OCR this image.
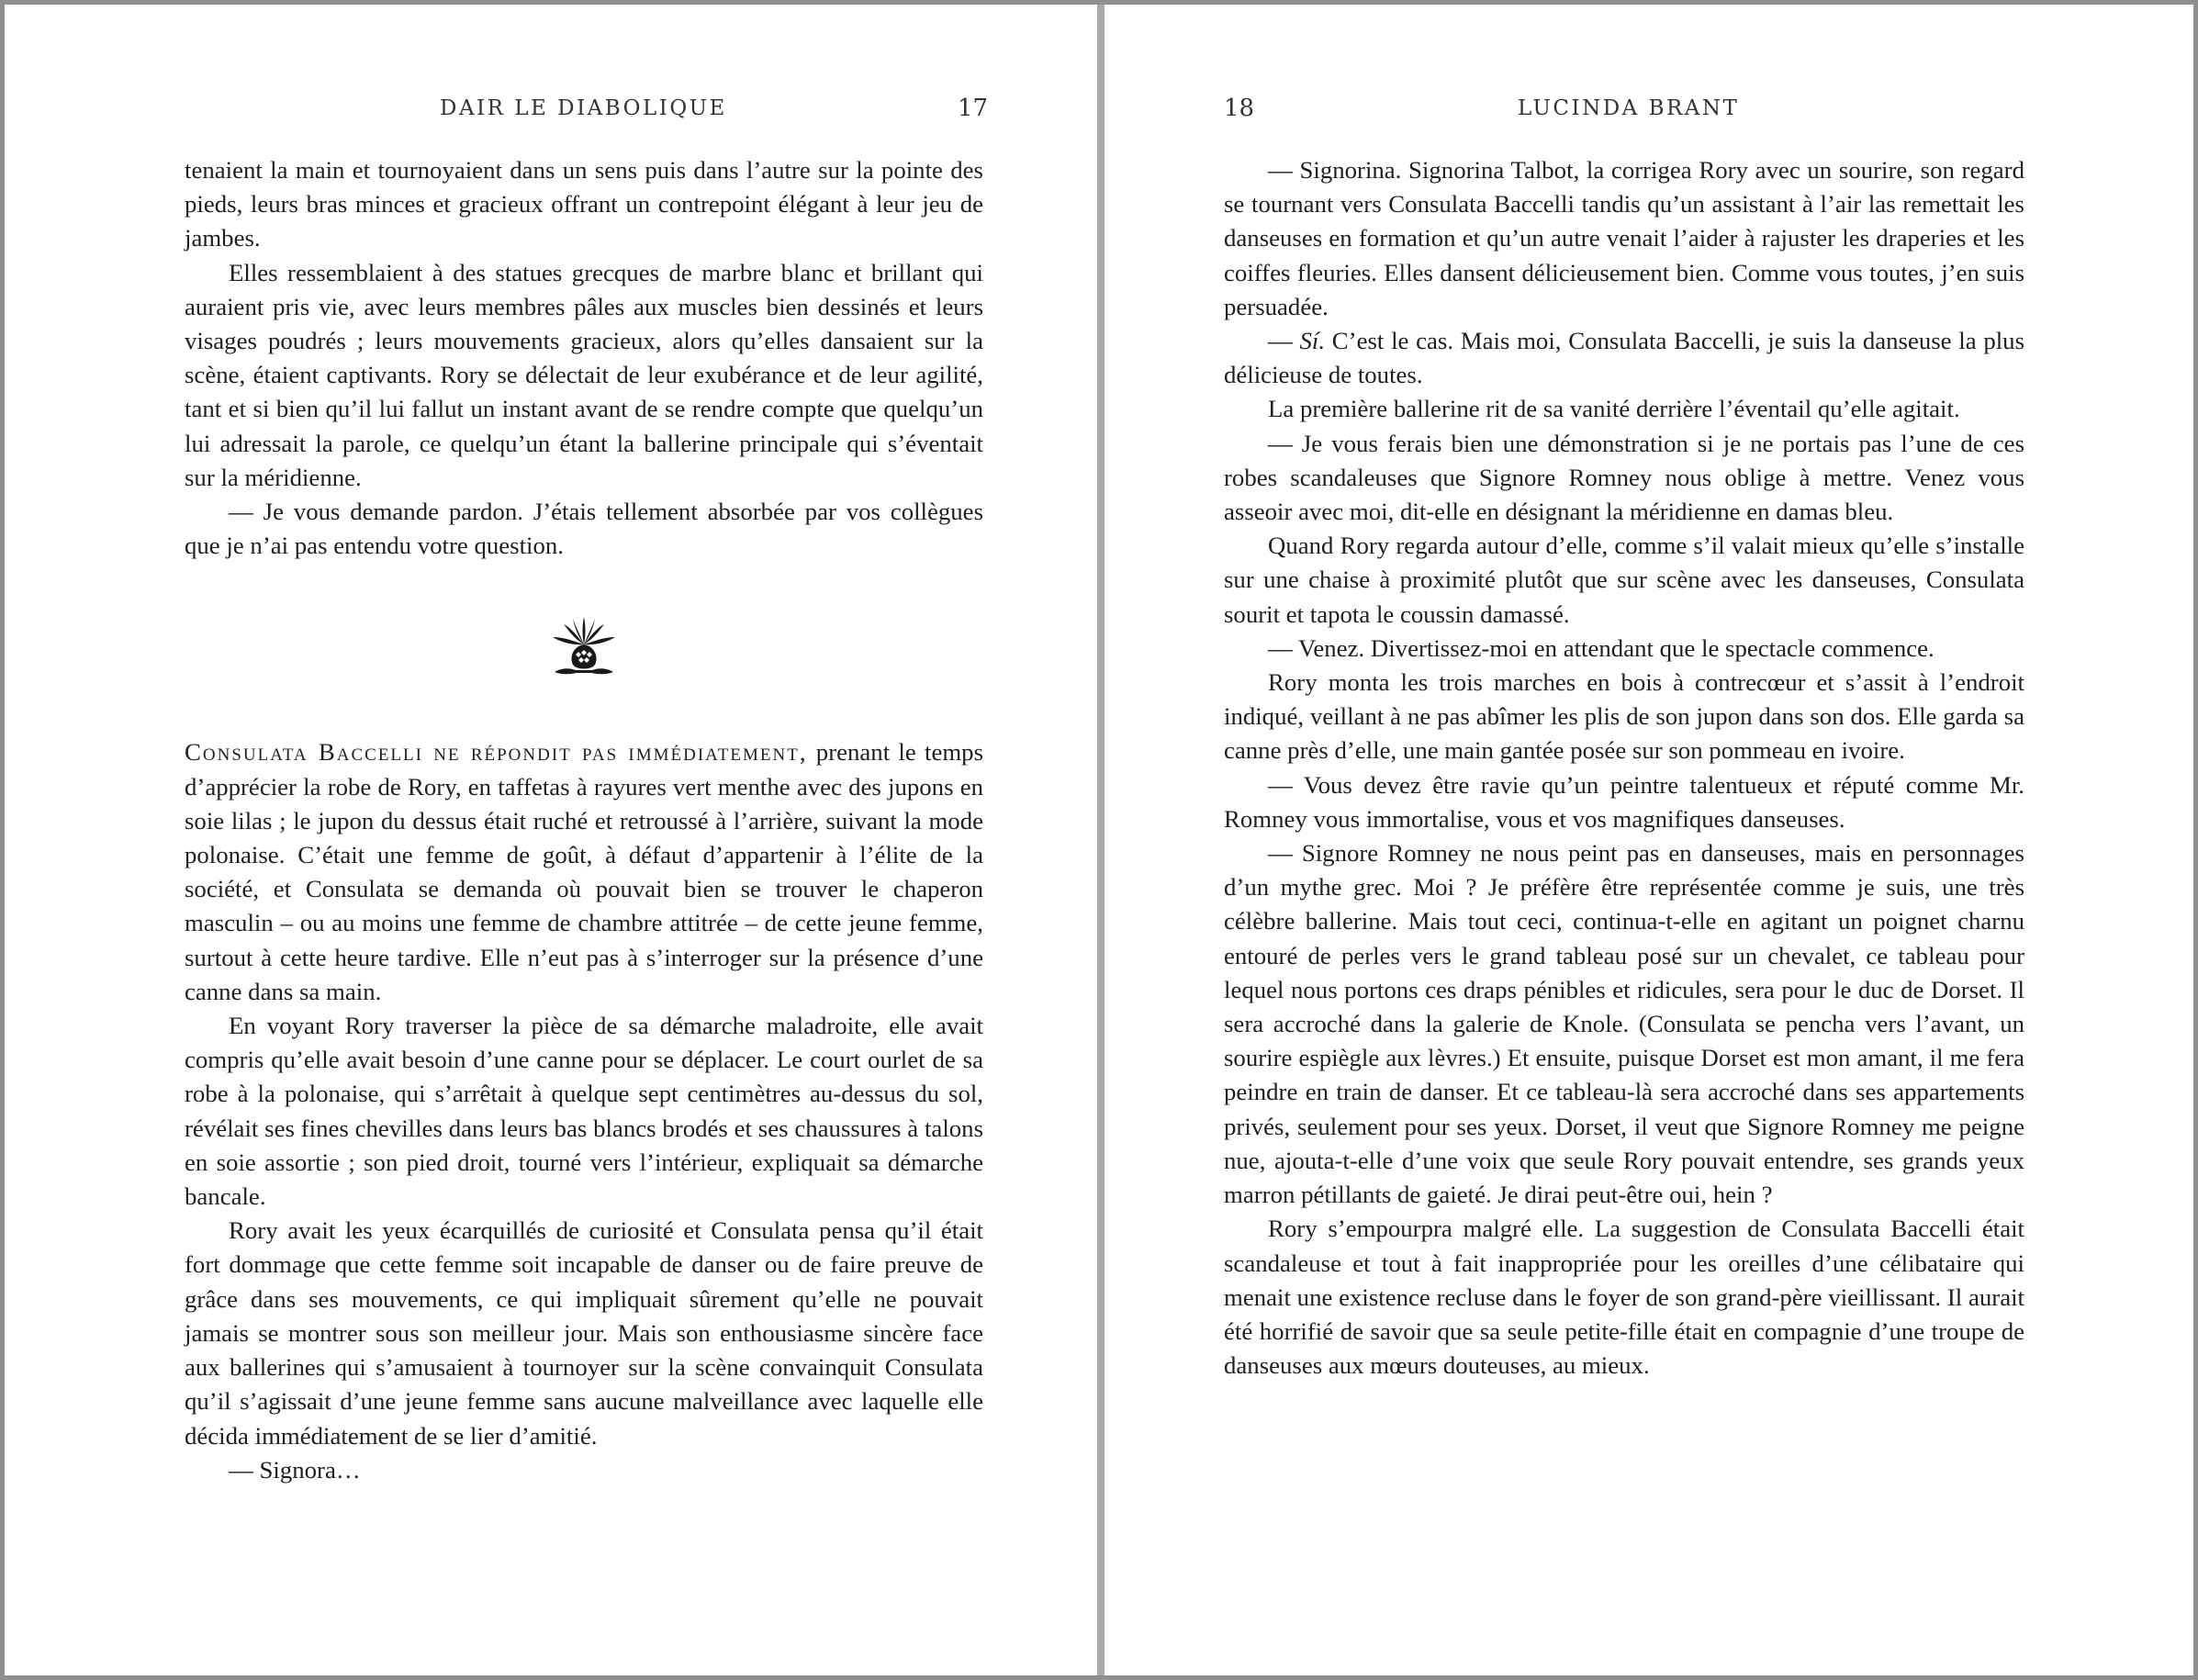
DAIR LE DIABOLIQUE	17

tenaient la main et tournoyaient dans un sens puis dans l’autre sur la pointe des pieds, leurs bras minces et gracieux offrant un contrepoint élégant à leur jeu de jambes.

Elles ressemblaient à des statues grecques de marbre blanc et brillant qui auraient pris vie, avec leurs membres pâles aux muscles bien dessinés et leurs visages poudrés ; leurs mouvements gracieux, alors qu’elles dansaient sur la scène, étaient captivants. Rory se délectait de leur exubérance et de leur agilité, tant et si bien qu’il lui fallut un instant avant de se rendre compte que quelqu’un lui adressait la parole, ce quelqu’un étant la ballerine principale qui s’éventait sur la méridienne.

— Je vous demande pardon. J’étais tellement absorbée par vos collègues que je n’ai pas entendu votre question.

Consulata Baccelli ne répondit pas immédiatement, prenant le temps d’apprécier la robe de Rory, en taffetas à rayures vert menthe avec des jupons en soie lilas ; le jupon du dessus était ruché et retroussé à l’arrière, suivant la mode polonaise. C’était une femme de goût, à défaut d’appartenir à l’élite de la société, et Consulata se demanda où pouvait bien se trouver le chaperon masculin – ou au moins une femme de chambre attitrée – de cette jeune femme, surtout à cette heure tardive. Elle n’eut pas à s’interroger sur la présence d’une canne dans sa main.

En voyant Rory traverser la pièce de sa démarche maladroite, elle avait compris qu’elle avait besoin d’une canne pour se déplacer. Le court ourlet de sa robe à la polonaise, qui s’arrêtait à quelque sept centimètres au-dessus du sol, révélait ses fines chevilles dans leurs bas blancs brodés et ses chaussures à talons en soie assortie ; son pied droit, tourné vers l’intérieur, expliquait sa démarche bancale.

Rory avait les yeux écarquillés de curiosité et Consulata pensa qu’il était fort dommage que cette femme soit incapable de danser ou de faire preuve de grâce dans ses mouvements, ce qui impliquait sûrement qu’elle ne pouvait jamais se montrer sous son meilleur jour. Mais son enthousiasme sincère face aux ballerines qui s’amusaient à tournoyer sur la scène convainquit Consulata qu’il s’agissait d’une jeune femme sans aucune malveillance avec laquelle elle décida immédiatement de se lier d’amitié.

— Signora…

18	LUCINDA BRANT

— Signorina. Signorina Talbot, la corrigea Rory avec un sourire, son regard se tournant vers Consulata Baccelli tandis qu’un assistant à l’air las remettait les danseuses en formation et qu’un autre venait l’aider à rajuster les draperies et les coiffes fleuries. Elles dansent délicieusement bien. Comme vous toutes, j’en suis persuadée.

— Sí. C’est le cas. Mais moi, Consulata Baccelli, je suis la danseuse la plus délicieuse de toutes.

La première ballerine rit de sa vanité derrière l’éventail qu’elle agitait.

— Je vous ferais bien une démonstration si je ne portais pas l’une de ces robes scandaleuses que Signore Romney nous oblige à mettre. Venez vous asseoir avec moi, dit-elle en désignant la méridienne en damas bleu.

Quand Rory regarda autour d’elle, comme s’il valait mieux qu’elle s’installe sur une chaise à proximité plutôt que sur scène avec les danseuses, Consulata sourit et tapota le coussin damassé.

— Venez. Divertissez-moi en attendant que le spectacle commence.

Rory monta les trois marches en bois à contrecœur et s’assit à l’endroit indiqué, veillant à ne pas abîmer les plis de son jupon dans son dos. Elle garda sa canne près d’elle, une main gantée posée sur son pommeau en ivoire.

— Vous devez être ravie qu’un peintre talentueux et réputé comme Mr. Romney vous immortalise, vous et vos magnifiques danseuses.

— Signore Romney ne nous peint pas en danseuses, mais en personnages d’un mythe grec. Moi ? Je préfère être représentée comme je suis, une très célèbre ballerine. Mais tout ceci, continua-t-elle en agitant un poignet charnu entouré de perles vers le grand tableau posé sur un chevalet, ce tableau pour lequel nous portons ces draps pénibles et ridicules, sera pour le duc de Dorset. Il sera accroché dans la galerie de Knole. (Consulata se pencha vers l’avant, un sourire espiègle aux lèvres.) Et ensuite, puisque Dorset est mon amant, il me fera peindre en train de danser. Et ce tableau-là sera accroché dans ses appartements privés, seulement pour ses yeux. Dorset, il veut que Signore Romney me peigne nue, ajouta-t-elle d’une voix que seule Rory pouvait entendre, ses grands yeux marron pétillants de gaieté. Je dirai peut-être oui, hein ?

Rory s’empourpra malgré elle. La suggestion de Consulata Baccelli était scandaleuse et tout à fait inappropriée pour les oreilles d’une célibataire qui menait une existence recluse dans le foyer de son grand-père vieillissant. Il aurait été horrifié de savoir que sa seule petite-fille était en compagnie d’une troupe de danseuses aux mœurs douteuses, au mieux.
